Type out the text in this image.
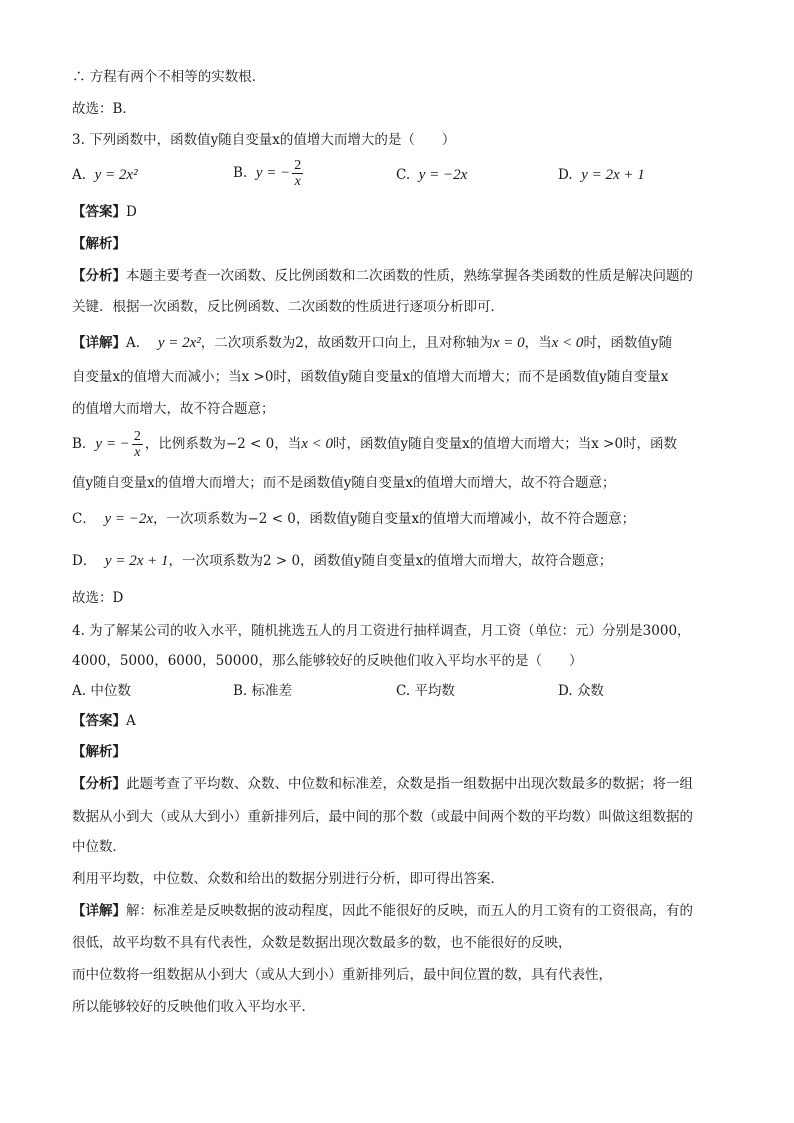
∴ 方程有两个不相等的实数根．
故选：B．
3. 下列函数中，函数值y随自变量x的值增大而增大的是（　　）
A. y = 2x²	B. y = − $\frac{2}{x}$	C. y = −2x	D. y = 2x + 1
【答案】D
【解析】
【分析】本题主要考查一次函数、反比例函数和二次函数的性质，熟练掌握各类函数的性质是解决问题的
关键．根据一次函数，反比例函数、二次函数的性质进行逐项分析即可．
【详解】A． y = 2x²，二次项系数为2，故函数开口向上，且对称轴为x = 0，当x < 0时，函数值y随
自变量x的值增大而减小；当x >0时，函数值y随自变量x的值增大而增大；而不是函数值y随自变量x
的值增大而增大，故不符合题意；
B．y = − $\frac{2}{x}$ ，比例系数为−2 < 0，当x < 0时，函数值y随自变量x的值增大而增大；当x >0时，函数
值y随自变量x的值增大而增大；而不是函数值y随自变量x的值增大而增大，故不符合题意；
C． y = −2x，一次项系数为−2 < 0，函数值y随自变量x的值增大而增减小，故不符合题意；
D． y = 2x + 1，一次项系数为2 > 0，函数值y随自变量x的值增大而增大，故符合题意；
故选：D
4. 为了解某公司的收入水平，随机挑选五人的月工资进行抽样调查，月工资（单位：元）分别是3000，
4000，5000，6000，50000，那么能够较好的反映他们收入平均水平的是（　　）
A. 中位数	B. 标准差	C. 平均数	D. 众数
【答案】A
【解析】
【分析】此题考查了平均数、众数、中位数和标准差，众数是指一组数据中出现次数最多的数据；将一组
数据从小到大（或从大到小）重新排列后，最中间的那个数（或最中间两个数的平均数）叫做这组数据的
中位数．
利用平均数，中位数、众数和给出的数据分别进行分析，即可得出答案．
【详解】解：标准差是反映数据的波动程度，因此不能很好的反映，而五人的月工资有的工资很高，有的
很低，故平均数不具有代表性，众数是数据出现次数最多的数，也不能很好的反映，
而中位数将一组数据从小到大（或从大到小）重新排列后，最中间位置的数，具有代表性，
所以能够较好的反映他们收入平均水平．
